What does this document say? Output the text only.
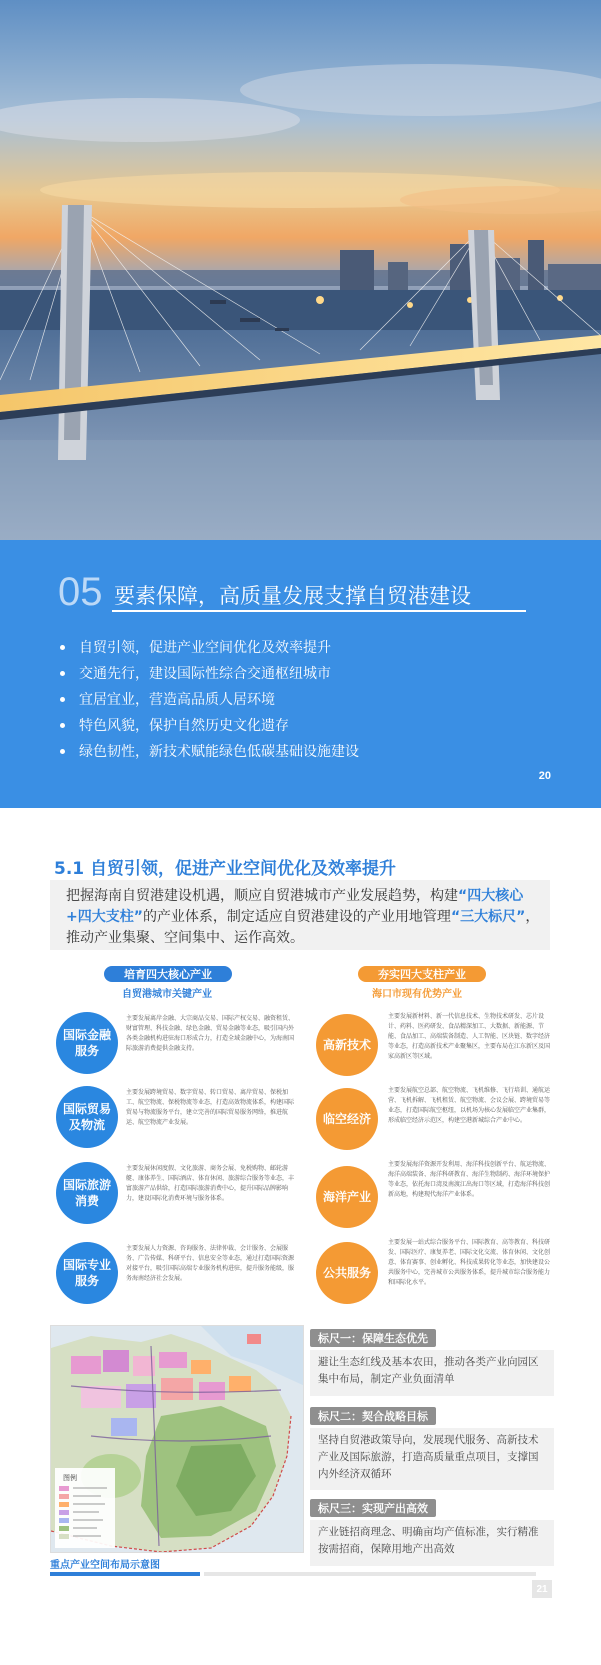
05 要素保障，高质量发展支撑自贸港建设
自贸引领，促进产业空间优化及效率提升
交通先行，建设国际性综合交通枢纽城市
宜居宜业，营造高品质人居环境
特色风貌，保护自然历史文化遗存
绿色韧性，新技术赋能绿色低碳基础设施建设
20
5.1 自贸引领，促进产业空间优化及效率提升
把握海南自贸港建设机遇，顺应自贸港城市产业发展趋势，构建“四大核心+四大支柱”的产业体系，制定适应自贸港建设的产业用地管理“三大标尺”，推动产业集聚、空间集中、运作高效。
培育四大核心产业
自贸港城市关键产业
夯实四大支柱产业
海口市现有优势产业
国际金融
服务
主要发展离岸金融、大宗商品交易、国际产权交易、融资租赁、财富管理、科技金融、绿色金融、贸易金融等业态，吸引国内外各类金融机构进驻海口形成合力，打造全域金融中心，为海南国际旅游消费提供金融支持。
国际贸易
及物流
主要发展跨境贸易、数字贸易、转口贸易、离岸贸易、保税加工、航空物流、保税物流等业态，打造高效物流体系，构建国际贸易与物流服务平台，建立完善的国际贸易服务网络，推进航运、航空物流产业发展。
国际旅游
消费
主要发展休闲度假、文化旅游、商务会展、免税购物、邮轮游艇、康体养生、国际酒店、体育休闲、旅游综合服务等业态，丰富旅游产品供给，打造国际旅游消费中心，提升国际品牌影响力，建设国际化消费环境与服务体系。
国际专业
服务
主要发展人力资源、咨询服务、法律仲裁、会计服务、会展服务、广告传媒、科研平台、信息安全等业态，通过打造国际资源对接平台，吸引国际高端专业服务机构进驻，提升服务能级，服务海南经济社会发展。
高新技术
主要发展新材料、新一代信息技术、生物技术研发、芯片设计、药料、医药研发、食品精深加工、大数据、新能源、节能、食品加工、高端装备制造、人工智能、区块链、数字经济等业态，打造高新技术产业聚集区，主要布局在江东新区及国家高新区等区域。
临空经济
主要发展航空总部、航空物流、飞机维修、飞行培训、通航运营、飞机拆解、飞机租赁、航空物流、会议会展、跨境贸易等业态，打造国际航空枢纽，以机场为核心发展临空产业集群，形成临空经济示范区，构建空港新城综合产业中心。
海洋产业
主要发展海洋资源开发利用、海洋科技创新平台、航运物流、海洋高端装备、海洋科研教育、海洋生物制药、海洋环境保护等业态，依托海口湾及南渡江出海口等区域，打造海洋科技创新高地，构建现代海洋产业体系。
公共服务
主要发展一站式综合服务平台、国际教育、高等教育、科技研发、国际医疗、康复养老、国际文化交流、体育休闲、文化创意、体育赛事、创业孵化、科技成果转化等业态，加快建设公共服务中心，完善城市公共服务体系，提升城市综合服务能力和国际化水平。
图例
重点产业空间布局示意图
21
标尺一：保障生态优先
避让生态红线及基本农田，推动各类产业向园区集中布局，制定产业负面清单
标尺二：契合战略目标
坚持自贸港政策导向，发展现代服务、高新技术产业及国际旅游，打造高质量重点项目，支撑国内外经济双循环
标尺三：实现产出高效
产业链招商理念、明确亩均产值标准，实行精准按需招商，保障用地产出高效
